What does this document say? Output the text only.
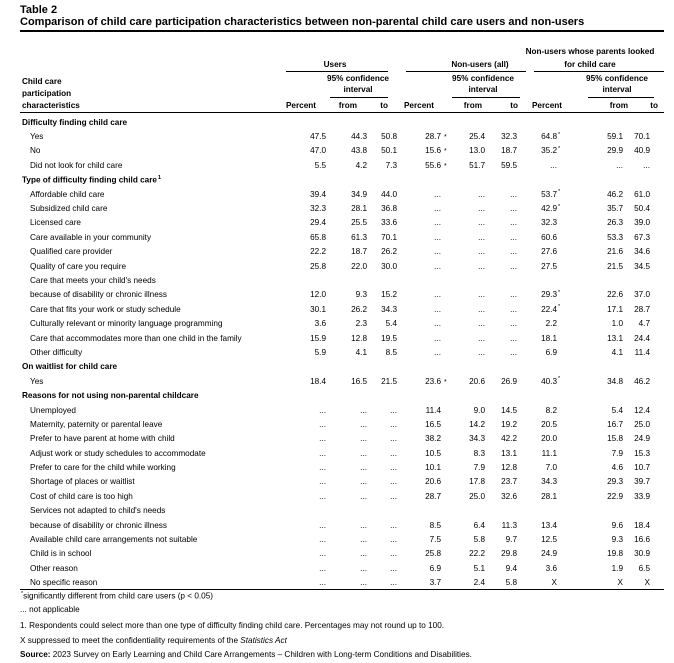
Table 2
Comparison of child care participation characteristics between non-parental child care users and non-users
Child care
participation
characteristics
Users	Non-users (all)
Non-users whose parents looked
for child care
95% confidence
interval
95% confidence
interval
95% confidence
interval
Percent	from	to	Percent	from	to	Percent	from	to
Difficulty finding child care											
Yes	47.5	44.3	50.8	28.7	*	25.4	32.3	64.8	*	59.1	70.1
No	47.0	43.8	50.1	15.6	*	13.0	18.7	35.2	*	29.9	40.9
Did not look for child care	5.5	4.2	7.3	55.6	*	51.7	59.5	...		...	...
Type of difficulty finding child care$^1$	
Affordable child care	39.4	34.9	44.0	...		...	...	53.7	*	46.2	61.0
Subsidized child care	32.3	28.1	36.8	...		...	...	42.9	*	35.7	50.4
Licensed care	29.4	25.5	33.6	...		...	...	32.3		26.3	39.0
Care available in your community	65.8	61.3	70.1	...		...	...	60.6		53.3	67.3
Qualified care provider	22.2	18.7	26.2	...		...	...	27.6		21.6	34.6
Quality of care you require	25.8	22.0	30.0	...		...	...	27.5		21.5	34.5
Care that meets your child's needs											
because of disability or chronic illness	12.0	9.3	15.2	...		...	...	29.3	*	22.6	37.0
Care that fits your work or study schedule	30.1	26.2	34.3	...		...	...	22.4	*	17.1	28.7
Culturally relevant or minority language programming	3.6	2.3	5.4	...		...	...	2.2		1.0	4.7
Care that accommodates more than one child in the family	15.9	12.8	19.5	...		...	...	18.1		13.1	24.4
Other difficulty	5.9	4.1	8.5	...		...	...	6.9		4.1	11.4
On waitlist for child care											
Yes	18.4	16.5	21.5	23.6	*	20.6	26.9	40.3	*	34.8	46.2
Reasons for not using non-parental childcare											
Unemployed	...	...	...	11.4		9.0	14.5	8.2		5.4	12.4
Maternity, paternity or parental leave	...	...	...	16.5		14.2	19.2	20.5		16.7	25.0
Prefer to have parent at home with child	...	...	...	38.2		34.3	42.2	20.0		15.8	24.9
Adjust work or study schedules to accommodate	...	...	...	10.5		8.3	13.1	11.1		7.9	15.3
Prefer to care for the child while working	...	...	...	10.1		7.9	12.8	7.0		4.6	10.7
Shortage of places or waitlist	...	...	...	20.6		17.8	23.7	34.3		29.3	39.7
Cost of child care is too high	...	...	...	28.7		25.0	32.6	28.1		22.9	33.9
Services not adapted to child's needs											
because of disability or chronic illness	...	...	...	8.5		6.4	11.3	13.4		9.6	18.4
Available child care arrangements not suitable	...	...	...	7.5		5.8	9.7	12.5		9.3	16.6
Child is in school	...	...	...	25.8		22.2	29.8	24.9		19.8	30.9
Other reason	...	...	...	6.9		5.1	9.4	3.6		1.9	6.5
No specific reason	...	...	...	3.7		2.4	5.8	X		X	X
*significantly different from child care users (p < 0.05)
... not applicable
1. Respondents could select more than one type of difficulty finding child care. Percentages may not round up to 100.
X suppressed to meet the confidentiality requirements of the Statistics Act
Source: 2023 Survey on Early Learning and Child Care Arrangements – Children with Long-term Conditions and Disabilities.
